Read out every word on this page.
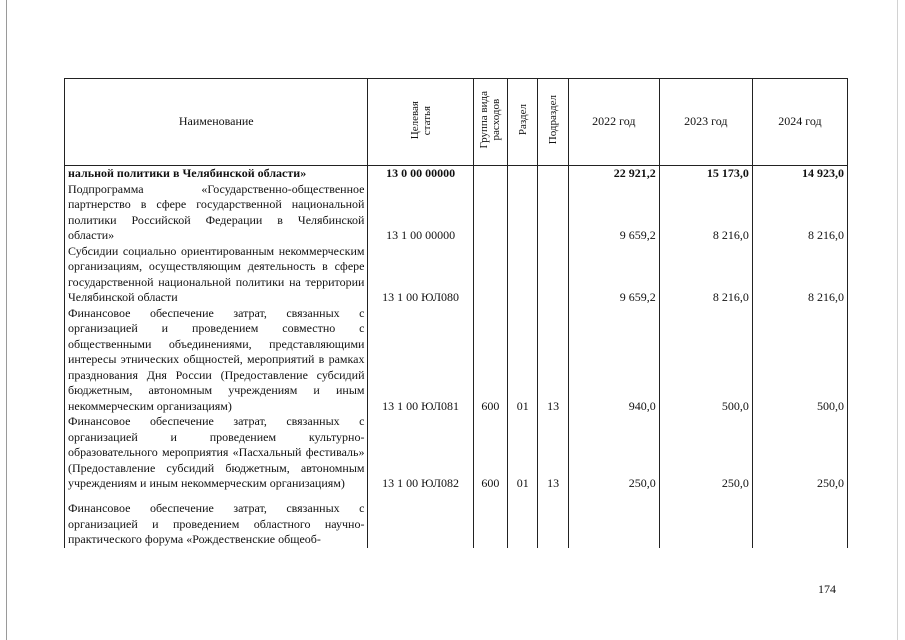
Наименование	Целевая статья	Группа вида расходов	Раздел	Подраздел	2022 год	2023 год	2024 год
нальной политики в Челябинской области»	13 0 00 00000				22 921,2	15 173,0	14 923,0
Подпрограмма «Государственно-общественное партнерство в сфере государственной национальной политики Российской Федерации в Челябинской области»	13 1 00 00000				9 659,2	8 216,0	8 216,0
Субсидии социально ориентированным некоммерческим организациям, осуществляющим деятельность в сфере государственной национальной политики на территории Челябинской области	13 1 00 ЮЛ080				9 659,2	8 216,0	8 216,0
Финансовое обеспечение затрат, связанных с организацией и проведением совместно с общественными объединениями, представляющими интересы этнических общностей, мероприятий в рамках празднования Дня России (Предоставление субсидий бюджетным, автономным учреждениям и иным некоммерческим организациям)	13 1 00 ЮЛ081	600	01	13	940,0	500,0	500,0
Финансовое обеспечение затрат, связанных с организацией и проведением культурно-образовательного мероприятия «Пасхальный фестиваль» (Предоставление субсидий бюджетным, автономным учреждениям и иным некоммерческим организациям)	13 1 00 ЮЛ082	600	01	13	250,0	250,0	250,0
Финансовое обеспечение затрат, связанных с организацией и проведением областного научно-практического форума «Рождественские общеоб-							
174
